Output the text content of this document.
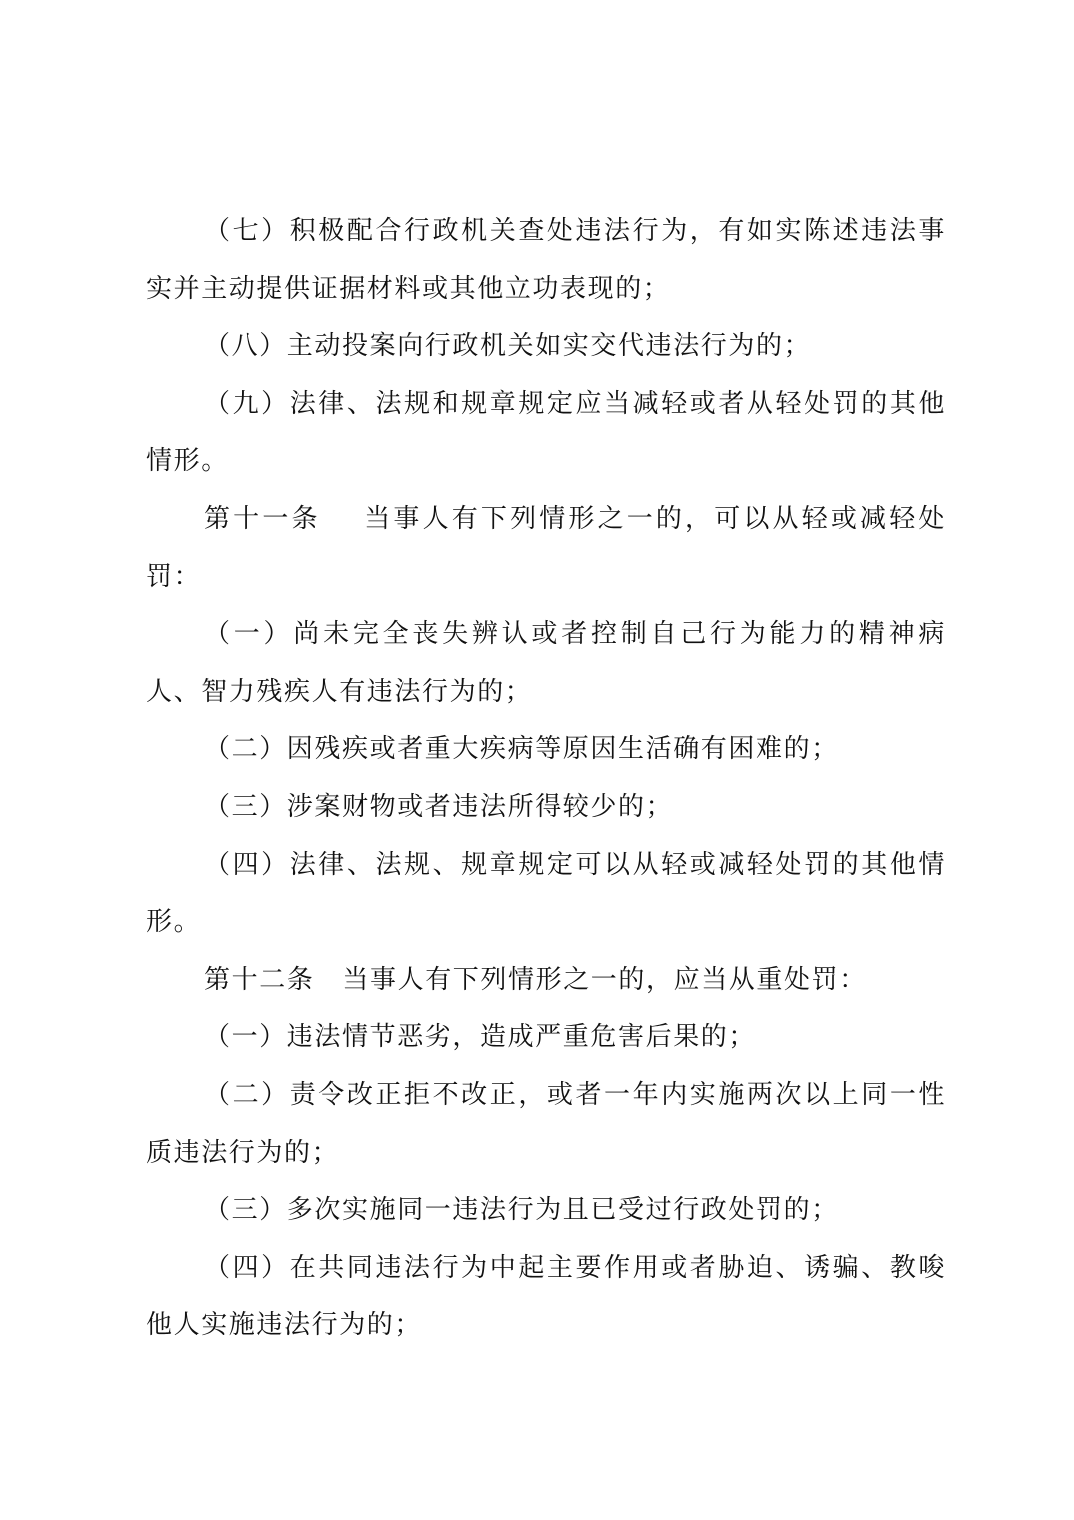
（七）积极配合行政机关查处违法行为，有如实陈述违法事实并主动提供证据材料或其他立功表现的；

（八）主动投案向行政机关如实交代违法行为的；

（九）法律、法规和规章规定应当减轻或者从轻处罚的其他情形。

第十一条 当事人有下列情形之一的，可以从轻或减轻处罚：

（一）尚未完全丧失辨认或者控制自己行为能力的精神病人、智力残疾人有违法行为的；

（二）因残疾或者重大疾病等原因生活确有困难的；

（三）涉案财物或者违法所得较少的；

（四）法律、法规、规章规定可以从轻或减轻处罚的其他情形。

第十二条 当事人有下列情形之一的，应当从重处罚：

（一）违法情节恶劣，造成严重危害后果的；

（二）责令改正拒不改正，或者一年内实施两次以上同一性质违法行为的；

（三）多次实施同一违法行为且已受过行政处罚的；

（四）在共同违法行为中起主要作用或者胁迫、诱骗、教唆他人实施违法行为的；
